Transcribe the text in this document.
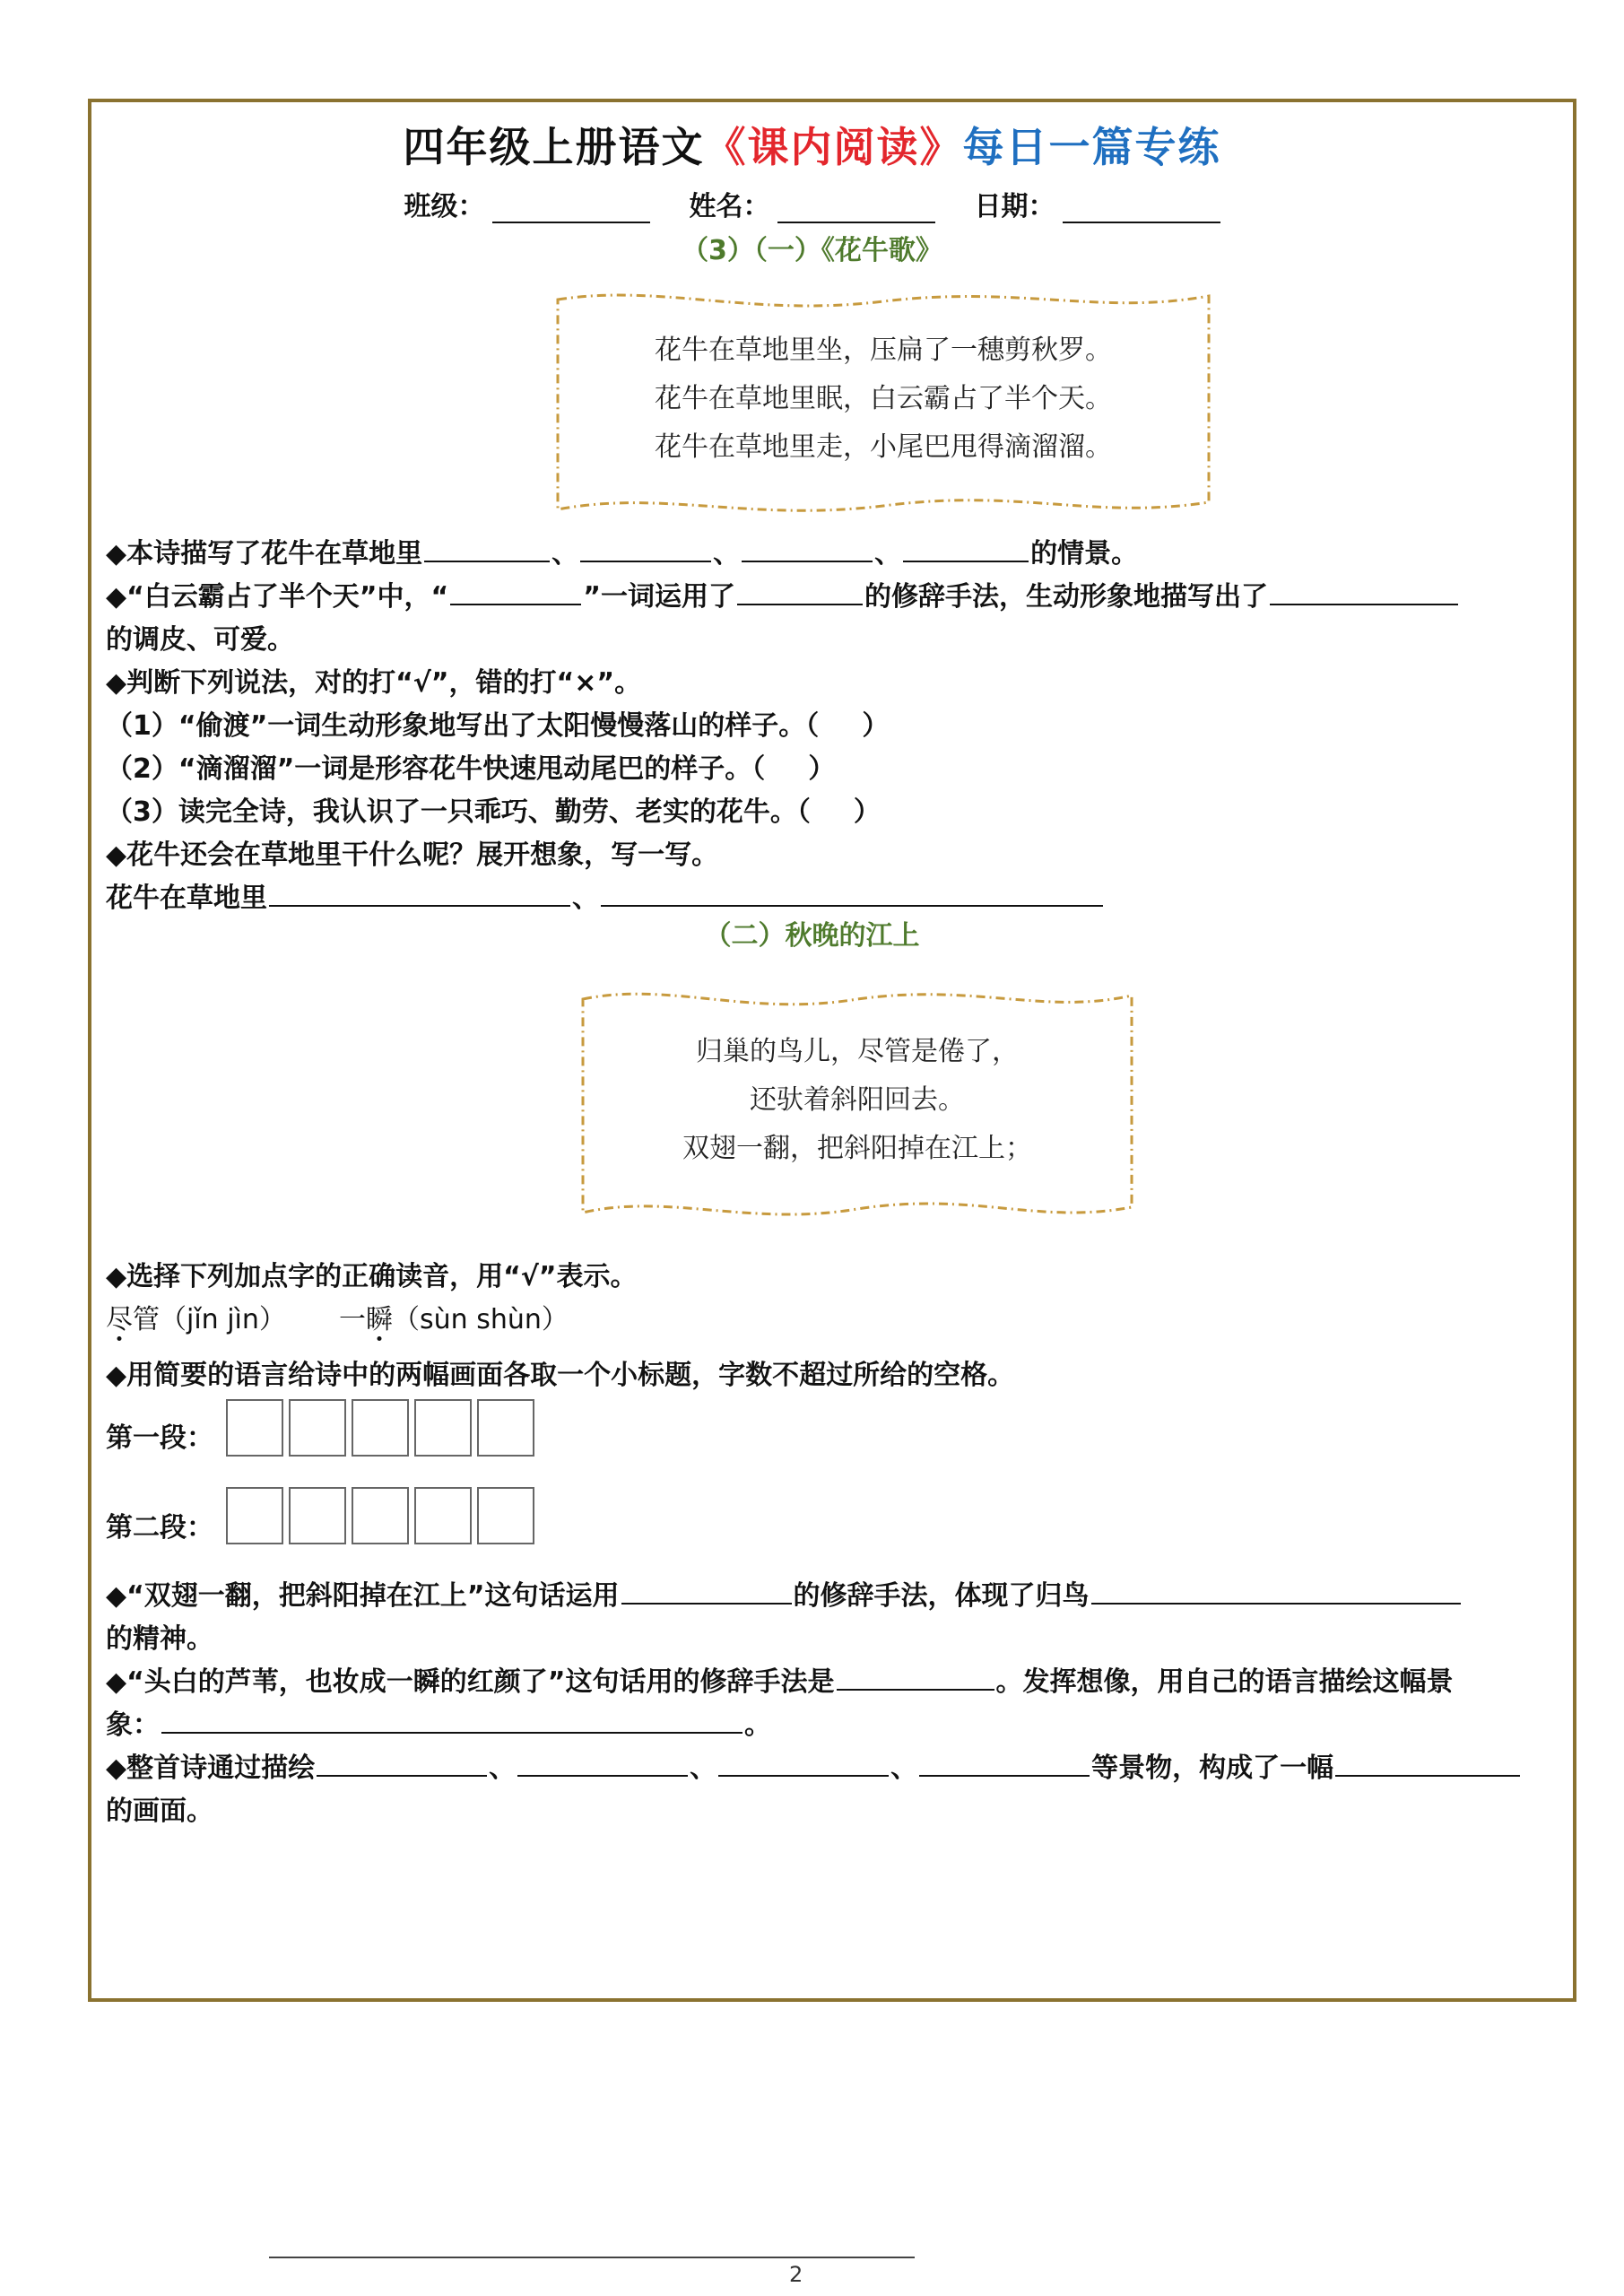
四年级上册语文《课内阅读》每日一篇专练
班级：	姓名：	日期：
（3）（一）《花牛歌》
花牛在草地里坐，压扁了一穗剪秋罗。
花牛在草地里眠，白云霸占了半个天。
花牛在草地里走，小尾巴甩得滴溜溜。
◆本诗描写了花牛在草地里	、	、	、	的情景。
◆“白云霸占了半个天”中，“	”一词运用了	的修辞手法，生动形象地描写出了
的调皮、可爱。
◆判断下列说法，对的打“√”，错的打“×”。
（1）“偷渡”一词生动形象地写出了太阳慢慢落山的样子。（ ）
（2）“滴溜溜”一词是形容花牛快速甩动尾巴的样子。（ ）
（3）读完全诗，我认识了一只乖巧、勤劳、老实的花牛。（ ）
◆花牛还会在草地里干什么呢？展开想象，写一写。
花牛在草地里	、
（二）秋晚的江上
归巢的鸟儿，尽管是倦了，
还驮着斜阳回去。
双翅一翻，把斜阳掉在江上；
◆选择下列加点字的正确读音，用“√”表示。
尽管（jǐn jìn） 一瞬（sùn shùn）
◆用简要的语言给诗中的两幅画面各取一个小标题，字数不超过所给的空格。
第一段：
第二段：
◆“双翅一翻，把斜阳掉在江上”这句话运用	的修辞手法，体现了归鸟
的精神。
◆“头白的芦苇，也妆成一瞬的红颜了”这句话用的修辞手法是	。发挥想像，用自己的语言描绘这幅景
象：	。
◆整首诗通过描绘	、	、	、	等景物，构成了一幅
的画面。
2
